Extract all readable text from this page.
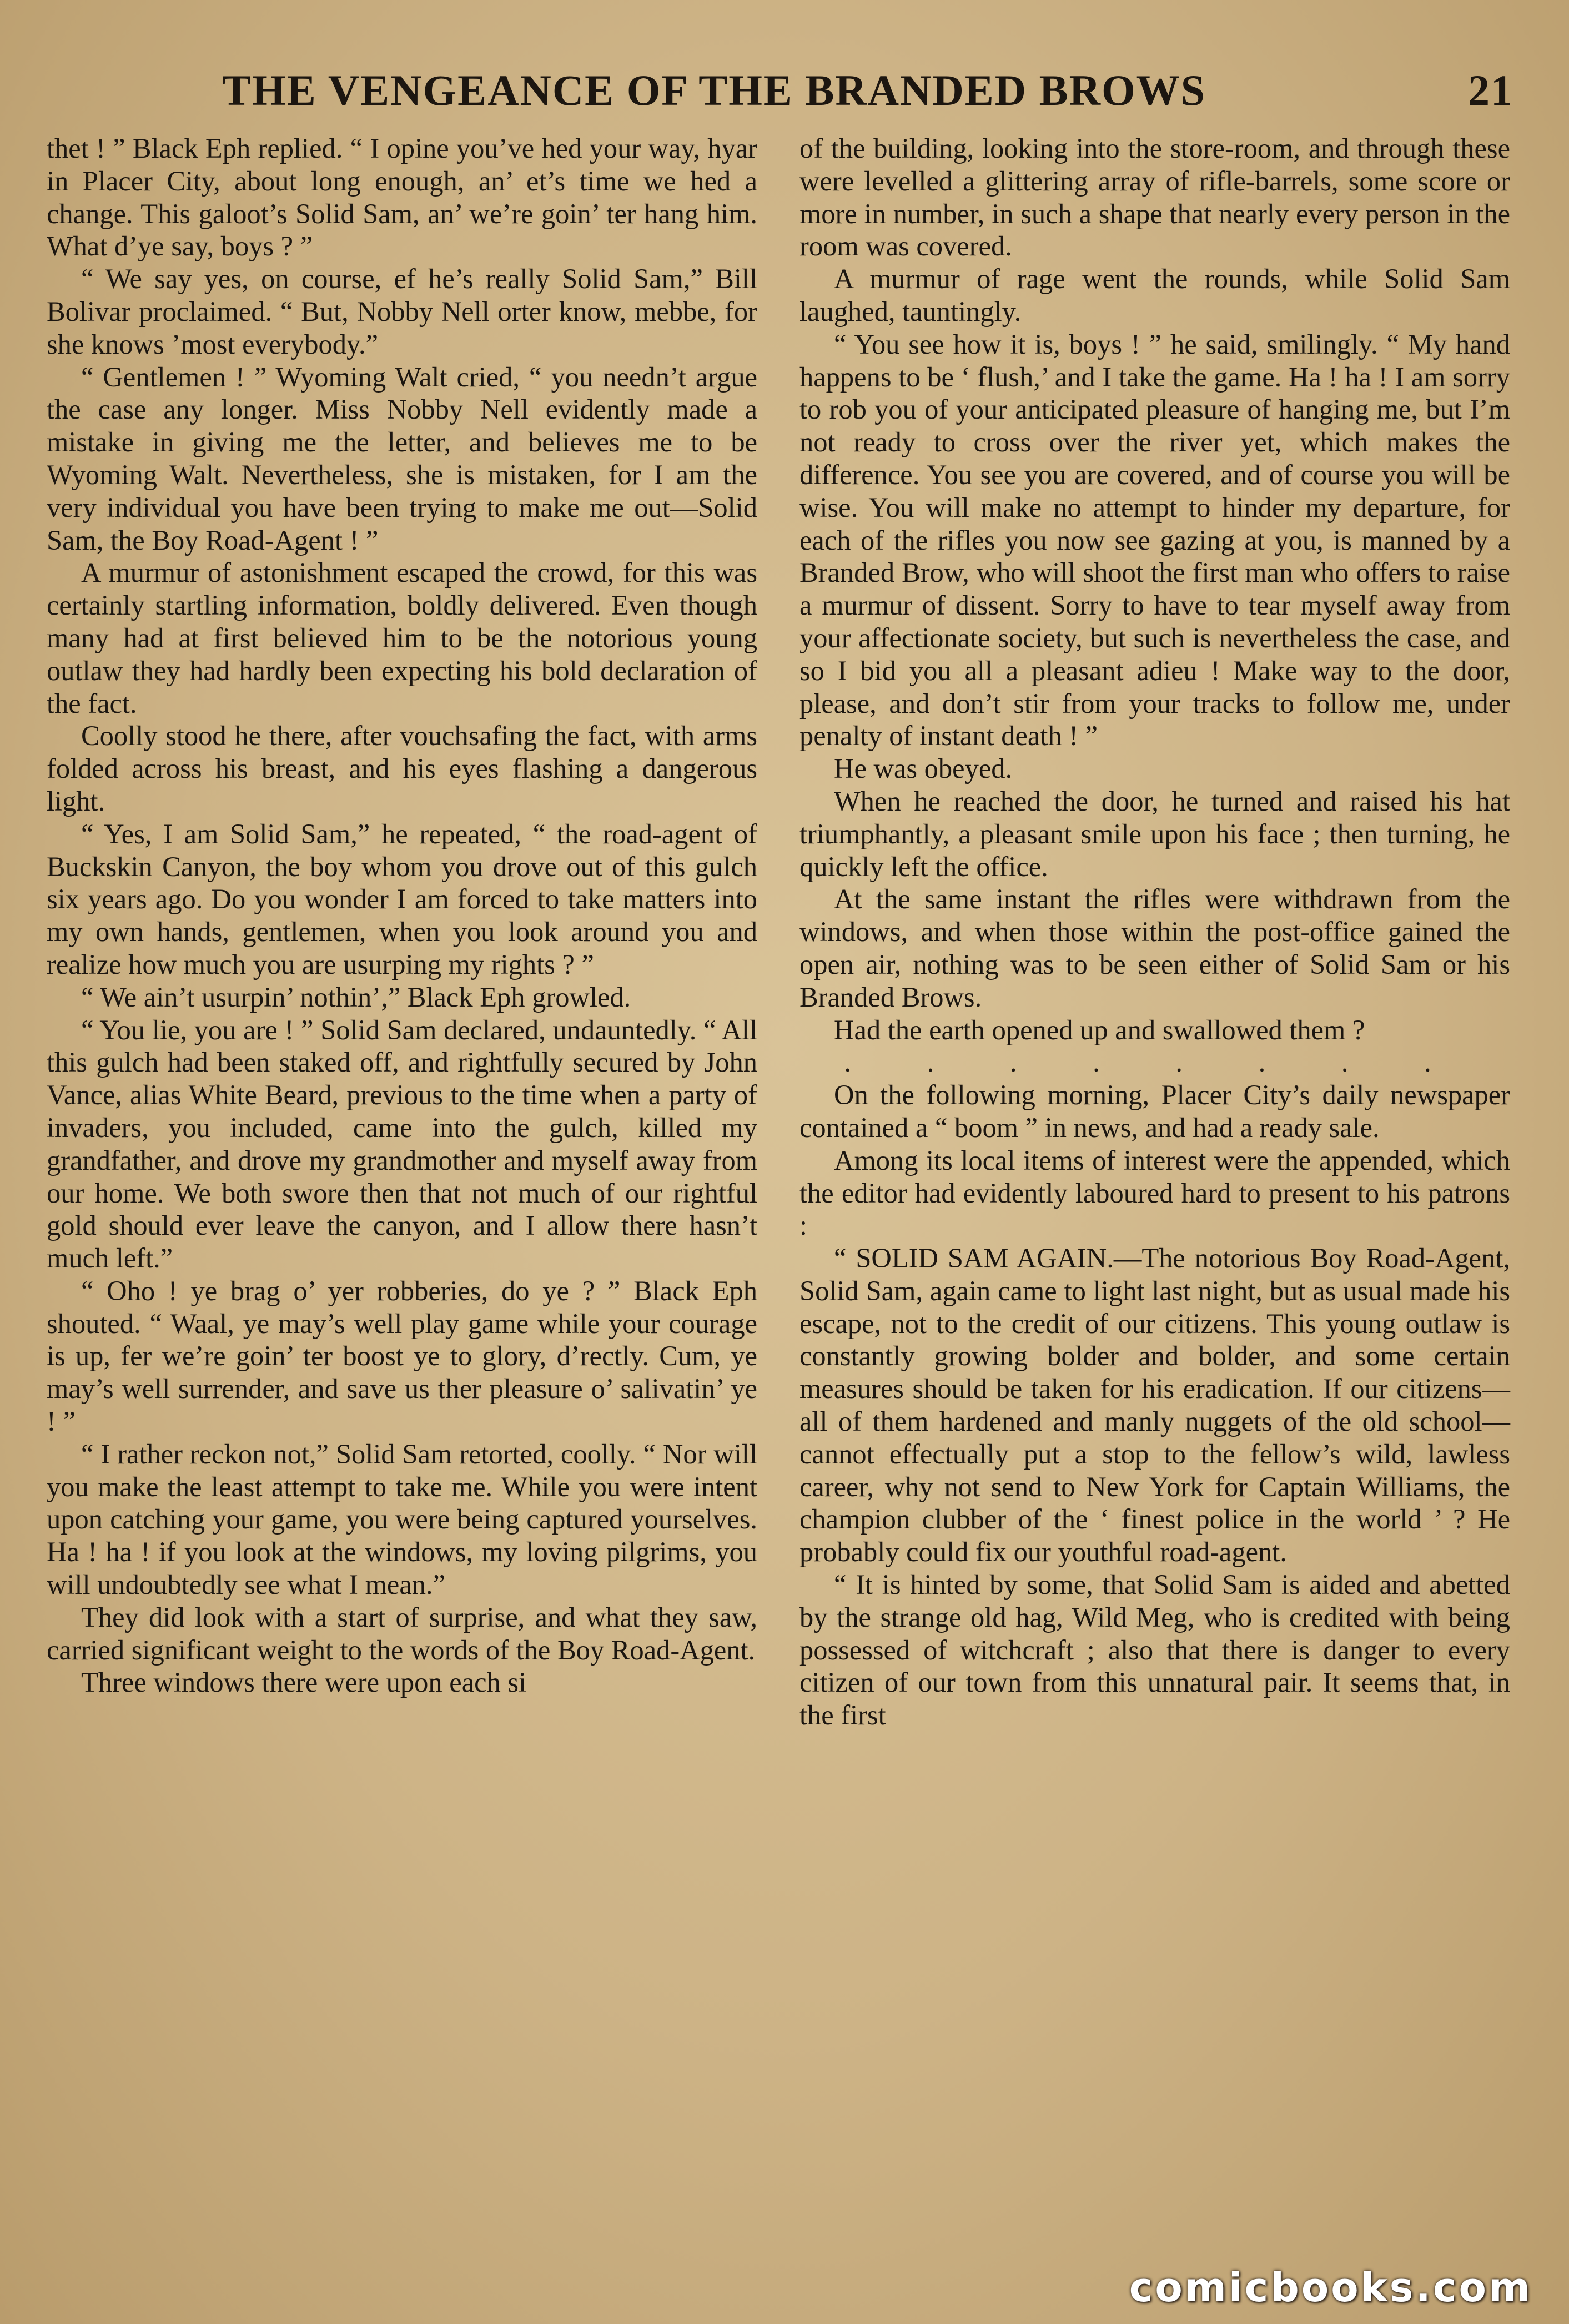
THE VENGEANCE OF THE BRANDED BROWS	21

thet ! ” Black Eph replied. “ I opine you’ve hed your way, hyar in Placer City, about long enough, an’ et’s time we hed a change. This galoot’s Solid Sam, an’ we’re goin’ ter hang him. What d’ye say, boys ? ”

“ We say yes, on course, ef he’s really Solid Sam,” Bill Bolivar proclaimed. “ But, Nobby Nell orter know, mebbe, for she knows ’most everybody.”

“ Gentlemen ! ” Wyoming Walt cried, “ you needn’t argue the case any longer. Miss Nobby Nell evidently made a mistake in giving me the letter, and believes me to be Wyoming Walt. Nevertheless, she is mistaken, for I am the very individual you have been trying to make me out—Solid Sam, the Boy Road-Agent ! ”

A murmur of astonishment escaped the crowd, for this was certainly startling information, boldly delivered. Even though many had at first believed him to be the notorious young outlaw they had hardly been expecting his bold declaration of the fact.

Coolly stood he there, after vouchsafing the fact, with arms folded across his breast, and his eyes flashing a dangerous light.

“ Yes, I am Solid Sam,” he repeated, “ the road-agent of Buckskin Canyon, the boy whom you drove out of this gulch six years ago. Do you wonder I am forced to take matters into my own hands, gentlemen, when you look around you and realize how much you are usurping my rights ? ”

“ We ain’t usurpin’ nothin’,” Black Eph growled.

“ You lie, you are ! ” Solid Sam declared, undauntedly. “ All this gulch had been staked off, and rightfully secured by John Vance, alias White Beard, previous to the time when a party of invaders, you included, came into the gulch, killed my grandfather, and drove my grandmother and myself away from our home. We both swore then that not much of our rightful gold should ever leave the canyon, and I allow there hasn’t much left.”

“ Oho ! ye brag o’ yer robberies, do ye ? ” Black Eph shouted. “ Waal, ye may’s well play game while your courage is up, fer we’re goin’ ter boost ye to glory, d’rectly. Cum, ye may’s well surrender, and save us ther pleasure o’ salivatin’ ye ! ”

“ I rather reckon not,” Solid Sam retorted, coolly. “ Nor will you make the least attempt to take me. While you were intent upon catching your game, you were being captured yourselves. Ha ! ha ! if you look at the windows, my loving pilgrims, you will undoubtedly see what I mean.”

They did look with a start of surprise, and what they saw, carried significant weight to the words of the Boy Road-Agent.

Three windows there were upon each si

of the building, looking into the store-room, and through these were levelled a glittering array of rifle-barrels, some score or more in number, in such a shape that nearly every person in the room was covered.

A murmur of rage went the rounds, while Solid Sam laughed, tauntingly.

“ You see how it is, boys ! ” he said, smilingly. “ My hand happens to be ‘ flush,’ and I take the game. Ha ! ha ! I am sorry to rob you of your anticipated pleasure of hanging me, but I’m not ready to cross over the river yet, which makes the difference. You see you are covered, and of course you will be wise. You will make no attempt to hinder my departure, for each of the rifles you now see gazing at you, is manned by a Branded Brow, who will shoot the first man who offers to raise a murmur of dissent. Sorry to have to tear myself away from your affectionate society, but such is nevertheless the case, and so I bid you all a pleasant adieu ! Make way to the door, please, and don’t stir from your tracks to follow me, under penalty of instant death ! ”

He was obeyed.

When he reached the door, he turned and raised his hat triumphantly, a pleasant smile upon his face ; then turning, he quickly left the office.

At the same instant the rifles were withdrawn from the windows, and when those within the post-office gained the open air, nothing was to be seen either of Solid Sam or his Branded Brows.

Had the earth opened up and swallowed them ?

. . . . . . . .

On the following morning, Placer City’s daily newspaper contained a “ boom ” in news, and had a ready sale.

Among its local items of interest were the appended, which the editor had evidently laboured hard to present to his patrons :

“ SOLID SAM AGAIN.—The notorious Boy Road-Agent, Solid Sam, again came to light last night, but as usual made his escape, not to the credit of our citizens. This young outlaw is constantly growing bolder and bolder, and some certain measures should be taken for his eradication. If our citizens—all of them hardened and manly nuggets of the old school—cannot effectually put a stop to the fellow’s wild, lawless career, why not send to New York for Captain Williams, the champion clubber of the ‘ finest police in the world ’ ? He probably could fix our youthful road-agent.

“ It is hinted by some, that Solid Sam is aided and abetted by the strange old hag, Wild Meg, who is credited with being possessed of witchcraft ; also that there is danger to every citizen of our town from this unnatural pair. It seems that, in the first

comicbooks.com
